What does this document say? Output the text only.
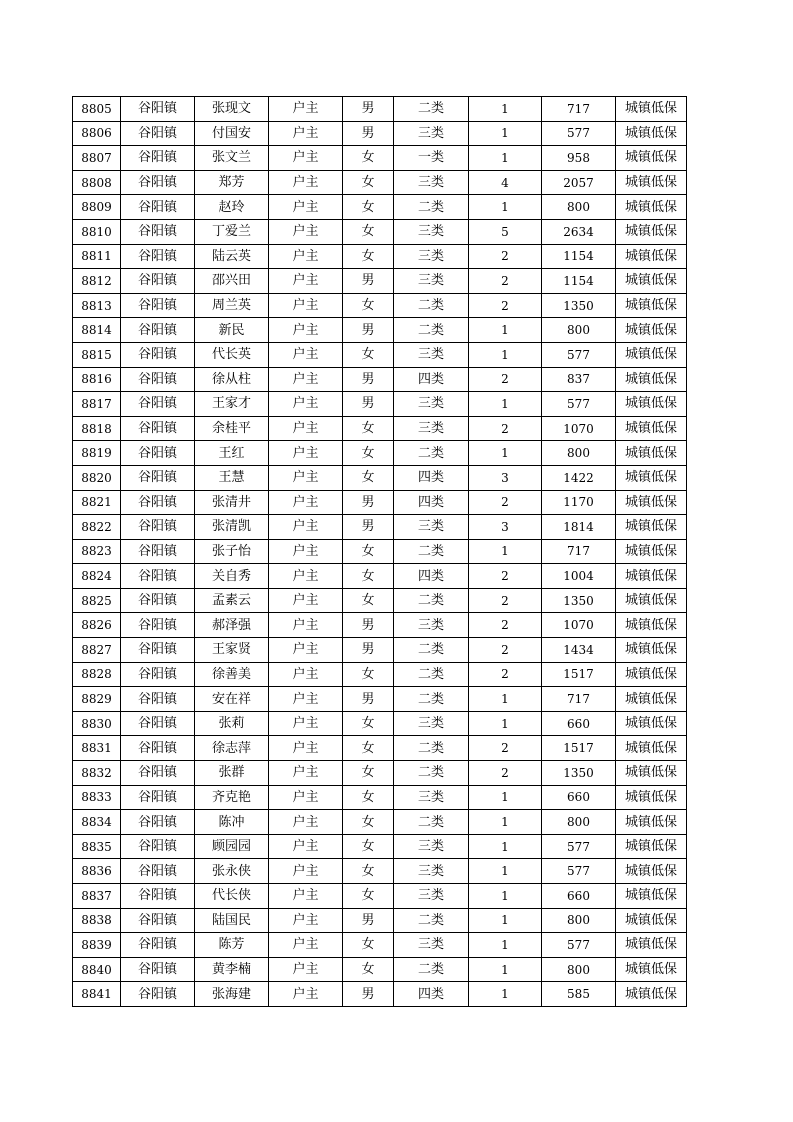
8805	谷阳镇	张现文	户主	男	二类	1	717	城镇低保
8806	谷阳镇	付国安	户主	男	三类	1	577	城镇低保
8807	谷阳镇	张文兰	户主	女	一类	1	958	城镇低保
8808	谷阳镇	郑芳	户主	女	三类	4	2057	城镇低保
8809	谷阳镇	赵玲	户主	女	二类	1	800	城镇低保
8810	谷阳镇	丁爱兰	户主	女	三类	5	2634	城镇低保
8811	谷阳镇	陆云英	户主	女	三类	2	1154	城镇低保
8812	谷阳镇	邵兴田	户主	男	三类	2	1154	城镇低保
8813	谷阳镇	周兰英	户主	女	二类	2	1350	城镇低保
8814	谷阳镇	新民	户主	男	二类	1	800	城镇低保
8815	谷阳镇	代长英	户主	女	三类	1	577	城镇低保
8816	谷阳镇	徐从柱	户主	男	四类	2	837	城镇低保
8817	谷阳镇	王家才	户主	男	三类	1	577	城镇低保
8818	谷阳镇	余桂平	户主	女	三类	2	1070	城镇低保
8819	谷阳镇	王红	户主	女	二类	1	800	城镇低保
8820	谷阳镇	王慧	户主	女	四类	3	1422	城镇低保
8821	谷阳镇	张清井	户主	男	四类	2	1170	城镇低保
8822	谷阳镇	张清凯	户主	男	三类	3	1814	城镇低保
8823	谷阳镇	张子怡	户主	女	二类	1	717	城镇低保
8824	谷阳镇	关自秀	户主	女	四类	2	1004	城镇低保
8825	谷阳镇	孟素云	户主	女	二类	2	1350	城镇低保
8826	谷阳镇	郝泽强	户主	男	三类	2	1070	城镇低保
8827	谷阳镇	王家贤	户主	男	二类	2	1434	城镇低保
8828	谷阳镇	徐善美	户主	女	二类	2	1517	城镇低保
8829	谷阳镇	安在祥	户主	男	二类	1	717	城镇低保
8830	谷阳镇	张莉	户主	女	三类	1	660	城镇低保
8831	谷阳镇	徐志萍	户主	女	二类	2	1517	城镇低保
8832	谷阳镇	张群	户主	女	二类	2	1350	城镇低保
8833	谷阳镇	齐克艳	户主	女	三类	1	660	城镇低保
8834	谷阳镇	陈冲	户主	女	二类	1	800	城镇低保
8835	谷阳镇	顾园园	户主	女	三类	1	577	城镇低保
8836	谷阳镇	张永侠	户主	女	三类	1	577	城镇低保
8837	谷阳镇	代长侠	户主	女	三类	1	660	城镇低保
8838	谷阳镇	陆国民	户主	男	二类	1	800	城镇低保
8839	谷阳镇	陈芳	户主	女	三类	1	577	城镇低保
8840	谷阳镇	黄李楠	户主	女	二类	1	800	城镇低保
8841	谷阳镇	张海建	户主	男	四类	1	585	城镇低保
